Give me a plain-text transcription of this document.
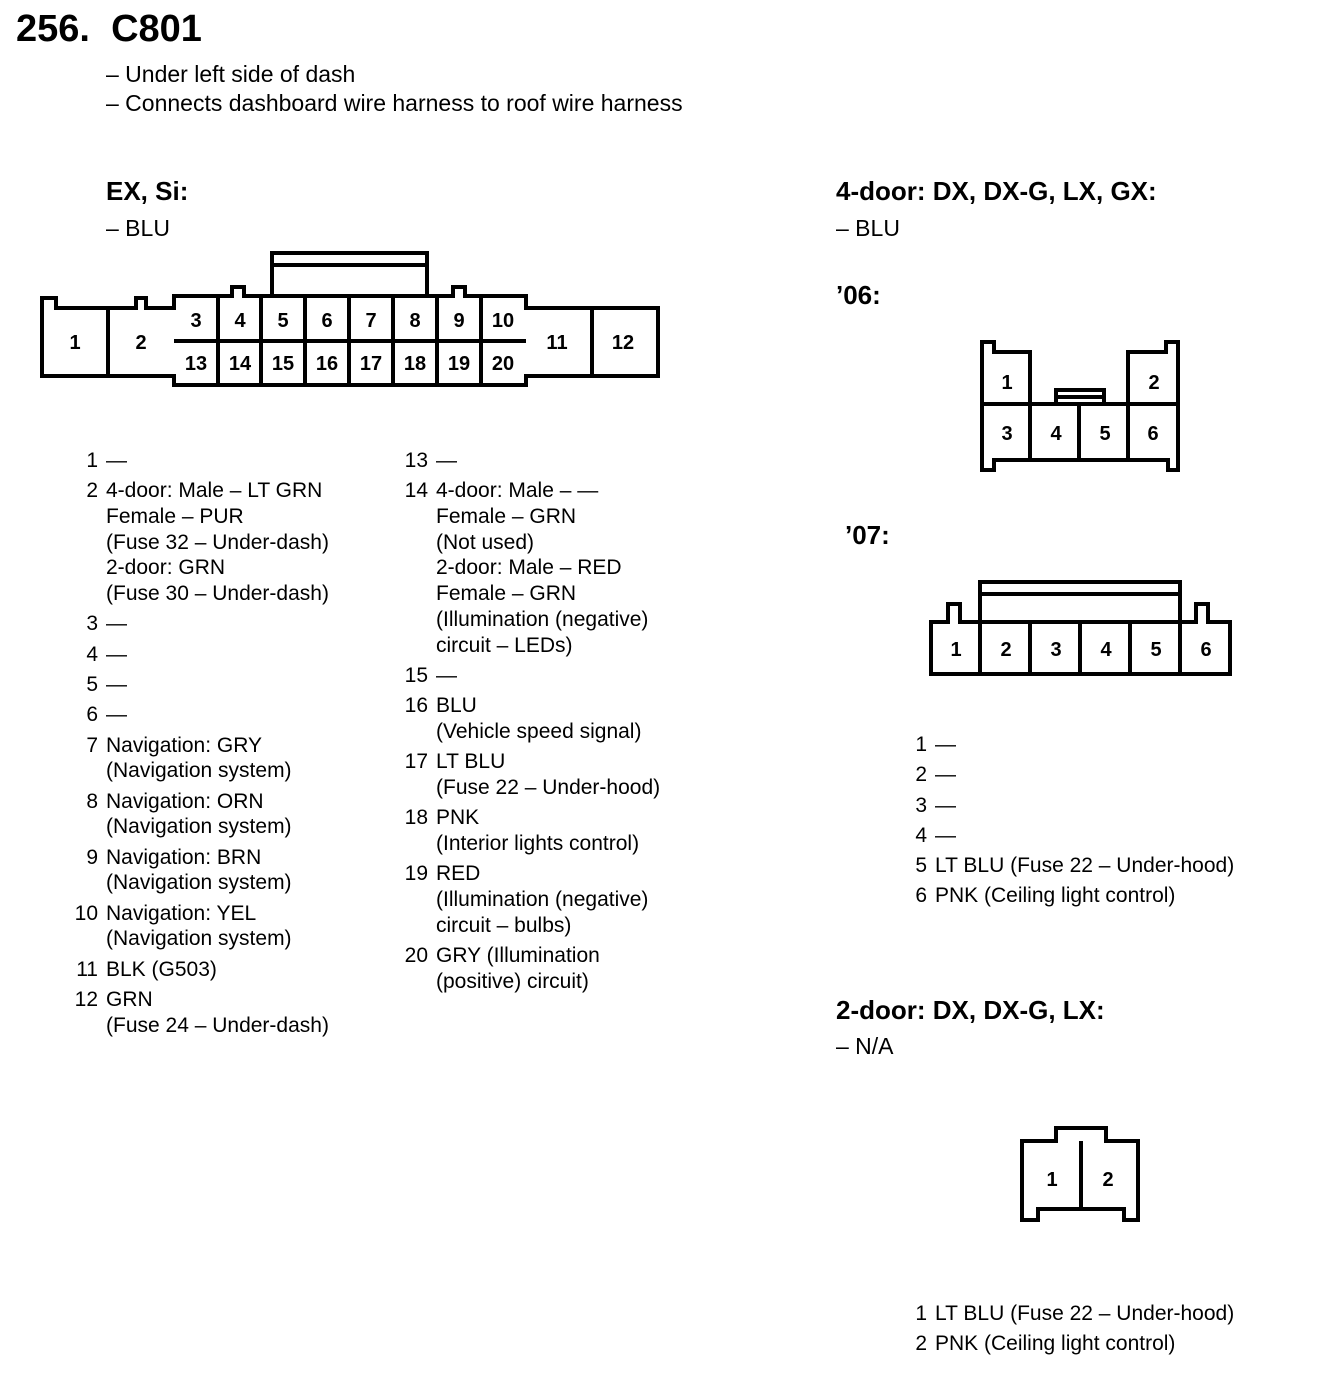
256.  C801
– Under left side of dash
– Connects dashboard wire harness to roof wire harness
EX, Si:
– BLU
1	2
3 4 5 6 7 8 9 10
11 12
13 14 15 16 17 18 19 20
1 —
2 4-door: Male – LT GRN
Female – PUR
(Fuse 32 – Under-dash)
2-door: GRN
(Fuse 30 – Under-dash)
3 —
4 —
5 —
6 —
7 Navigation: GRY
(Navigation system)
8 Navigation: ORN
(Navigation system)
9 Navigation: BRN
(Navigation system)
10 Navigation: YEL
(Navigation system)
11 BLK (G503)
12 GRN
(Fuse 24 – Under-dash)
13 —
14 4-door: Male – —
Female – GRN
(Not used)
2-door: Male – RED
Female – GRN
(Illumination (negative)
circuit – LEDs)
15 —
16 BLU
(Vehicle speed signal)
17 LT BLU
(Fuse 22 – Under-hood)
18 PNK
(Interior lights control)
19 RED
(Illumination (negative)
circuit – bulbs)
20 GRY (Illumination
(positive) circuit)
4-door: DX, DX-G, LX, GX:
– BLU
’06:
1	2
3 4 5 6
’07:
1 2 3 4 5 6
1 —
2 —
3 —
4 —
5 LT BLU (Fuse 22 – Under-hood)
6 PNK (Ceiling light control)
2-door: DX, DX-G, LX:
– N/A
1 2
1 LT BLU (Fuse 22 – Under-hood)
2 PNK (Ceiling light control)
